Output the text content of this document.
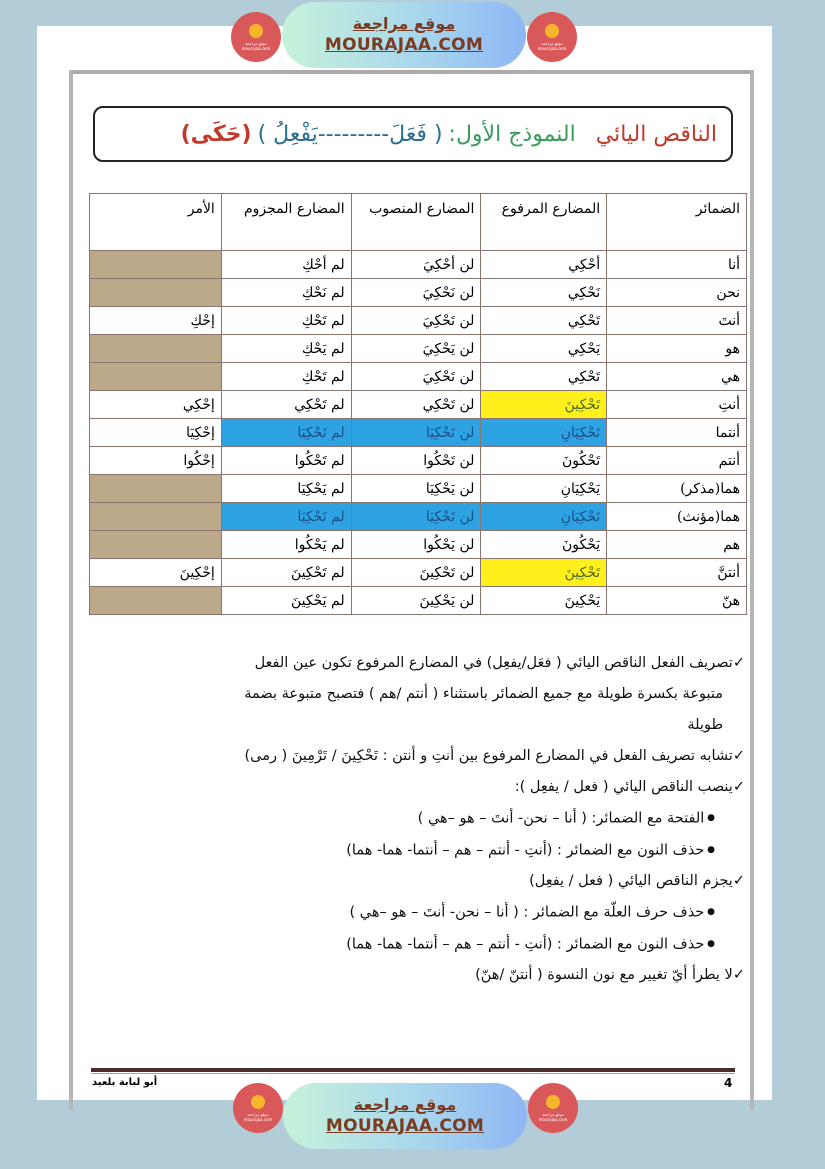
موقع مراجعة
mourajaa.com
موقع مراجعة
MOURAJAA.COM	موقع مراجعة
mourajaa.com
الناقص اليائي
النموذج الأول:
( فَعَلَ---------يَفْعِلُ )
(حَكَى)
الضمائر	المضارع المرفوع	المضارع المنصوب	المضارع المجزوم	الأمر
أنا	أحْكِي	لن أحْكِيَ	لم أحْكِ	
نحن	نَحْكِي	لن نَحْكِيَ	لم نَحْكِ	
أنتَ	تَحْكِي	لن تَحْكِيَ	لم تَحْكِ	إحْكِ
هو	يَحْكِي	لن يَحْكِيَ	لم يَحْكِ	
هي	تَحْكِي	لن تَحْكِيَ	لم تَحْكِ	
أنتِ	تَحْكِينَ	لن تَحْكِي	لم تَحْكِي	إحْكِي
أنتما	تَحْكِيَانِ	لن تَحْكِيَا	لم تَحْكِيَا	إحْكِيَا
أنتم	تَحْكُونَ	لن تَحْكُوا	لم تَحْكُوا	إحْكُوا
هما(مذكر)	يَحْكِيَانِ	لن يَحْكِيَا	لم يَحْكِيَا	
هما(مؤنث)	تَحْكِيَانِ	لن تَحْكِيَا	لم تَحْكِيَا	
هم	يَحْكُونَ	لن يَحْكُوا	لم يَحْكُوا	
أنتنَّ	تَحْكِينَ	لن تَحْكِينَ	لم تَحْكِينَ	إحْكِينَ
هنّ	يَحْكِينَ	لن يَحْكِينَ	لم يَحْكِينَ	
✓ تصريف الفعل الناقص اليائي ( فعَل/يفعِل) في المضارع المرفوع تكون عين الفعل
متبوعة بكسرة طويلة مع جميع الضمائر باستثناء ( أنتم /هم ) فتصبح متبوعة بضمة
طويلة
✓ تشابه تصريف الفعل في المضارع المرفوع بين أنتِ و أنتن : تَحْكِينَ / تَرْمِينَ ( رمى)
✓ ينصب الناقص اليائي ( فعل / يفعِل ):
● الفتحة مع الضمائر: ( أنا – نحن- أنتَ – هو –هي )
● حذف النون مع الضمائر : (أنتِ - أنتم – هم – أنتما- هما- هما)
✓ يجزم الناقص اليائي ( فعل / يفعِل)
● حذف حرف العلّة مع الضمائر : ( أنا – نحن- أنتَ – هو –هي )
● حذف النون مع الضمائر : (أنتِ - أنتم – هم – أنتما- هما- هما)
✓ لا يطرأ أيّ تغيير مع نون النسوة ( أنتنّ /هنّ)
أبو لبابة بلعيد	4
موقع مراجعة
mourajaa.com
موقع مراجعة
MOURAJAA.COM
موقع مراجعة
mourajaa.com
